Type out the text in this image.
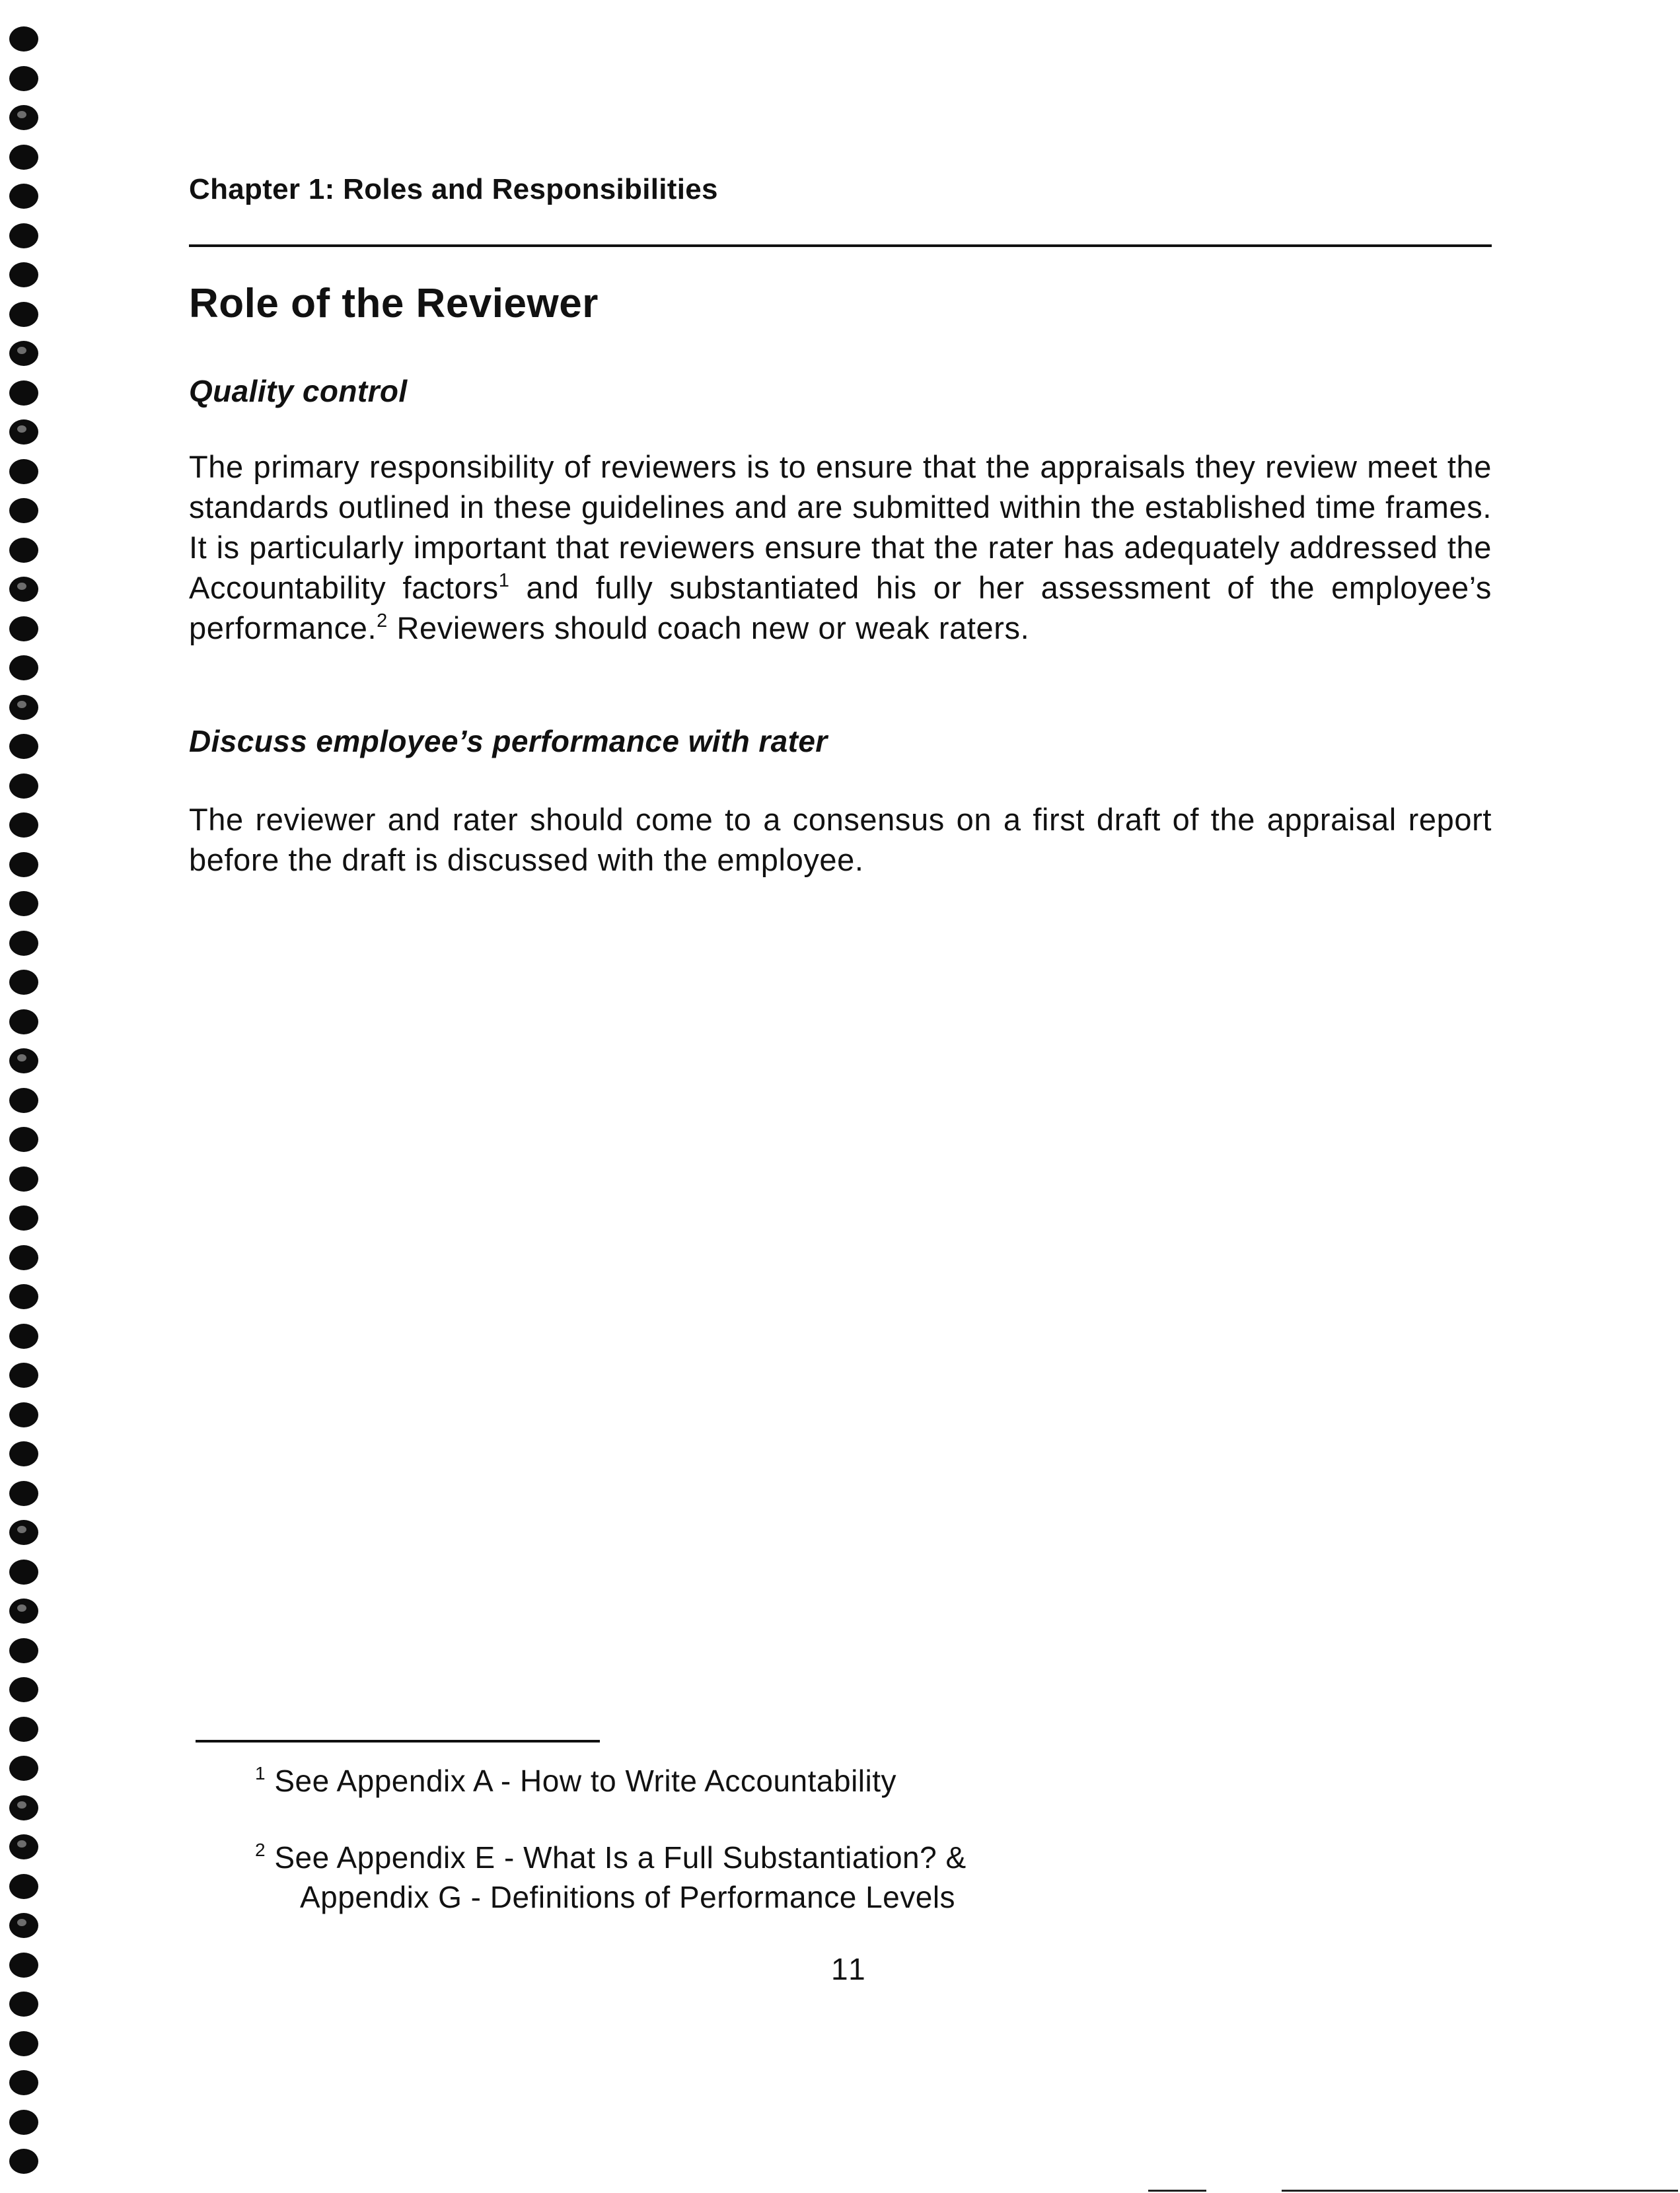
Chapter 1: Roles and Responsibilities
Role of the Reviewer
Quality control

The primary responsibility of reviewers is to ensure that the appraisals they review meet the standards outlined in these guidelines and are submitted within the established time frames. It is particularly important that reviewers ensure that the rater has adequately addressed the Accountability factors$^1$ and fully substantiated his or her assessment of the employee’s performance.$^2$ Reviewers should coach new or weak raters.

Discuss employee’s performance with rater

The reviewer and rater should come to a consensus on a first draft of the appraisal report before the draft is discussed with the employee.

$^1$ See Appendix A - How to Write Accountability
$^2$ See Appendix E - What Is a Full Substantiation? &
Appendix G - Definitions of Performance Levels
11
